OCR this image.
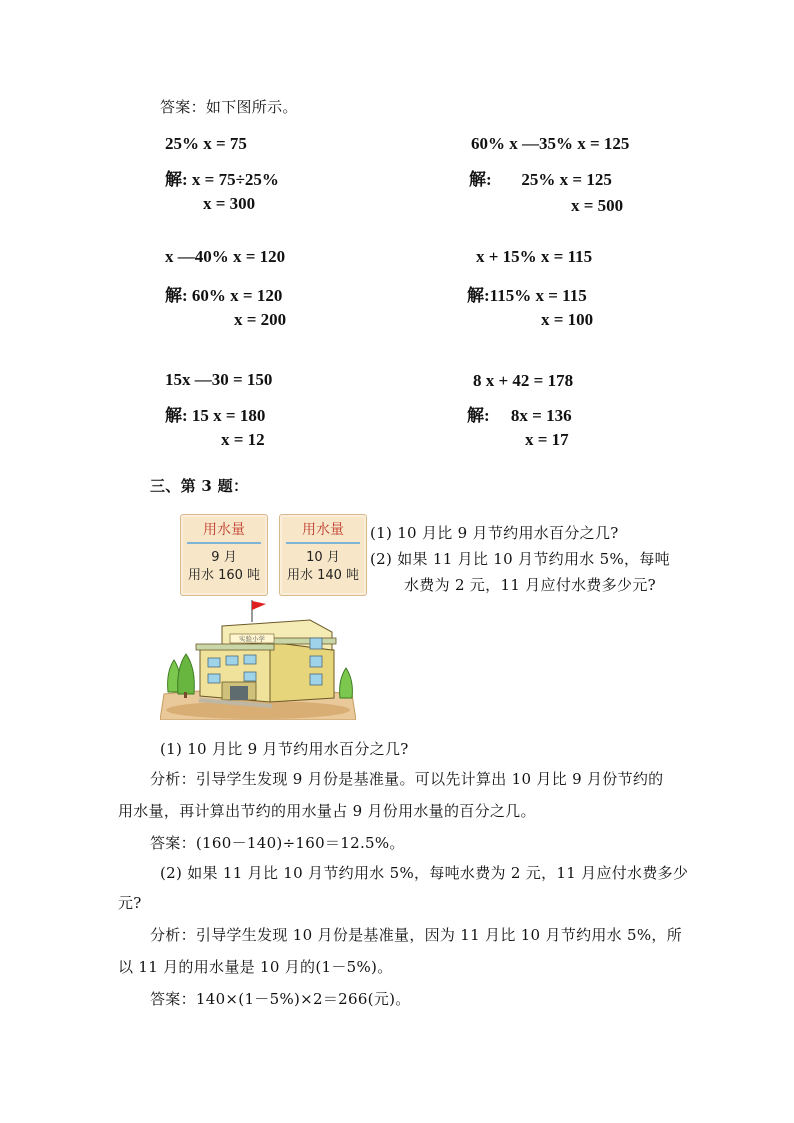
答案：如下图所示。
25% x = 75
解: x = 75÷25%
x = 300
60% x —35% x = 125
解:       25% x = 125
x = 500
x —40% x = 120
解: 60% x = 120
x = 200
x + 15% x = 115
解:115% x = 115
x = 100
15x —30 = 150
解: 15 x = 180
x = 12
8 x + 42 = 178
解:     8x = 136
x = 17
三、第 3 题：
用水量
9 月
用水 160 吨
用水量
10 月
用水 140 吨
(1) 10 月比 9 月节约用水百分之几?
(2) 如果 11 月比 10 月节约用水 5%，每吨
水费为 2 元，11 月应付水费多少元?
实验小学
(1) 10 月比 9 月节约用水百分之几?
分析：引导学生发现 9 月份是基准量。可以先计算出 10 月比 9 月份节约的
用水量，再计算出节约的用水量占 9 月份用水量的百分之几。
答案：(160－140)÷160＝12.5%。
(2) 如果 11 月比 10 月节约用水 5%，每吨水费为 2 元，11 月应付水费多少
元?
分析：引导学生发现 10 月份是基准量，因为 11 月比 10 月节约用水 5%，所
以 11 月的用水量是 10 月的(1－5%)。
答案：140×(1－5%)×2＝266(元)。
